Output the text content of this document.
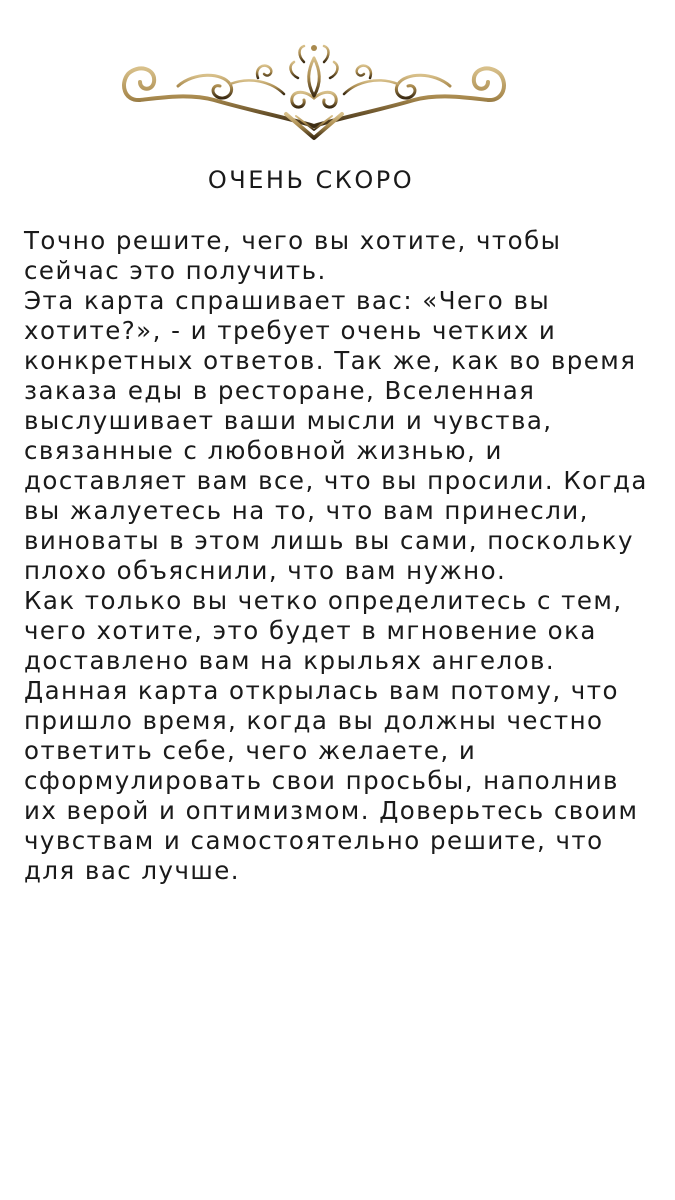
ОЧЕНЬ СКОРО

Точно решите, чего вы хотите, чтобы сейчас это получить.

Эта карта спрашивает вас: «Чего вы хотите?», - и требует очень четких и конкретных ответов. Так же, как во время заказа еды в ресторане, Вселенная выслушивает ваши мысли и чувства, связанные с любовной жизнью, и доставляет вам все, что вы просили. Когда вы жалуетесь на то, что вам принесли, виноваты в этом лишь вы сами, поскольку плохо объяснили, что вам нужно.

Как только вы четко определитесь с тем, чего хотите, это будет в мгновение ока доставлено вам на крыльях ангелов. Данная карта открылась вам потому, что пришло время, когда вы должны честно ответить себе, чего желаете, и сформулировать свои просьбы, наполнив их верой и оптимизмом. Доверьтесь своим чувствам и самостоятельно решите, что для вас лучше.
